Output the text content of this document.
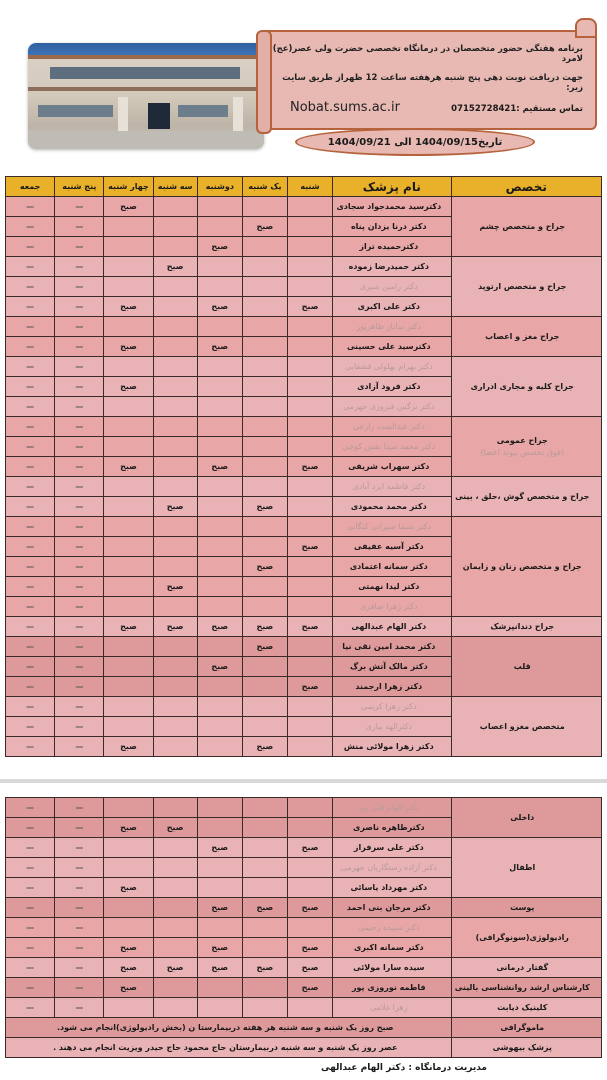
برنامه هفتگی حضور متخصصان در درمانگاه تخصصی حضرت ولی عصر(عج) لامرد
جهت دریافت نوبت دهی پنج شنبه هرهفته ساعت 12 ظهراز طریق سایت زیر:
تماس مستقیم :07152728421
Nobat.sums.ac.ir
تاریخ1404/09/15 الی 1404/09/21
تخصص	نام پزشک	شنبه	یک شنبه	دوشنبه	سه شنبه	چهار شنبه	پنج شنبه	جمعه
جراح و متخصص چشم	دکترسید محمدجواد سجادی					صبح	—	—
	دکتر درنا یزدان پناه		صبح				—	—
	دکترحمیده تراز			صبح			—	—
جراح و متخصص ارتوپد	دکتر حمیدرضا زموده				صبح		—	—
	دکتر رامین شیری						—	—
	دکتر علی اکبری	صبح		صبح		صبح	—	—
جراح مغز و اعصاب	دکتر ساناز طاهرپور						—	—
	دکترسید علی حسینی			صبح		صبح	—	—
جراح کلیه و مجاری ادراری	دکتر بهرام بهلولی قشقایی						—	—
	دکتر فرود آزادی					صبح	—	—
	دکتر نرگس فیروزی جهرمی						—	—
جراح عمومی
(فوق تخصص پیوند اعضا)	دکتر عبدالست زارعی						—	—
	دکتر محمد سینا نقش کوچی						—	—
	دکتر سهراب شریفی	صبح		صبح		صبح	—	—
جراح و متخصص گوش ،حلق ، بینی	دکتر فاطمه ایزد آبادی						—	—
	دکتر محمد محمودی		صبح		صبح		—	—
جراح و متخصص زنان و زایمان	دکتر شیما سپرانی کنگانی						—	—
	دکتر آسیه عفیفی	صبح					—	—
	دکتر سمانه اعتمادی		صبح				—	—
	دکتر لیدا نهمتی				صبح		—	—
	دکتر زهرا صافری						—	—
جراح دندانپزشک	دکتر الهام عبدالهی	صبح	صبح	صبح	صبح	صبح	—	—
قلب	دکتر محمد امین تقی نیا		صبح				—	—
	دکتر مالک آتش برگ			صبح			—	—
	دکتر زهرا ارجمند	صبح					—	—
متخصص مغزو اعصاب	دکتر زهرا کریمی						—	—
	دکترالهه بیاری						—	—
	دکتر زهرا مولائی منش		صبح			صبح	—	—
داخلی	دکتر الهام قلی پور						—	—
	دکترطاهره ناصری				صبح	صبح	—	—
اطفال	دکتر علی سرفراز	صبح		صبح			—	—
	دکتر آزاده رستگاریان جهرمی						—	—
	دکتر مهرداد یاسائی					صبح	—	—
پوست	دکتر مرجان بنی احمد	صبح	صبح	صبح			—	—
رادیولوژی(سونوگرافی)	دکتر سپیده رحیمی						—	—
	دکتر سمانه اکبری	صبح		صبح		صبح	—	—
گفتار درمانی	سیده سارا مولائی	صبح	صبح	صبح	صبح	صبح	—	—
کارشناس ارشد روانشناسی بالینی	فاطمه نوروزی پور	صبح				صبح	—	—
کلینیک دیابت	زهرا غلامی						—	—
ماموگرافی	صبح روز یک شنبه و سه شنبه هر هفته دربیمارستا ن (بخش رادیولوژی)انجام می شود.							
پزشک بیهوشی	عصر روز یک شنبه و سه شنبه دربیمارستان حاج محمود حاج حیدر ویزیت انجام می دهند .							
مدیریت درمانگاه : دکتر الهام عبدالهی
